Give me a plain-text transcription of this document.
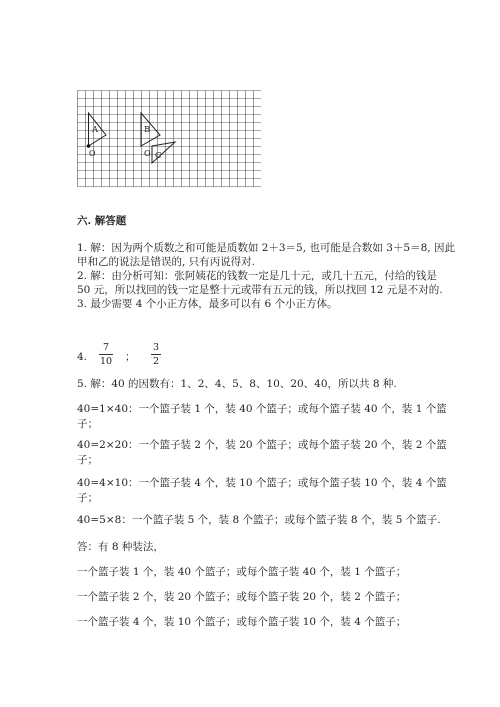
A	B
C
O	O
六. 解答题
1. 解：因为两个质数之和可能是质数如 2＋3＝5, 也可能是合数如 3＋5＝8, 因此
甲和乙的说法是错误的, 只有丙说得对.
2. 解：由分析可知：张阿姨花的钱数一定是几十元，或几十五元，付给的钱是
50 元，所以找回的钱一定是整十元或带有五元的钱，所以找回 12 元是不对的.
3. 最少需要 4 个小正方体，最多可以有 6 个小正方体。
4.
7
10 ；
3
2
5. 解：40 的因数有：1、2、4、5、8、10、20、40，所以共 8 种.
40=1×40：一个篮子装 1 个，装 40 个篮子；或每个篮子装 40 个，装 1 个篮
子；
40=2×20：一个篮子装 2 个，装 20 个篮子；或每个篮子装 20 个，装 2 个篮
子；
40=4×10：一个篮子装 4 个，装 10 个篮子；或每个篮子装 10 个，装 4 个篮
子；
40=5×8：一个篮子装 5 个，装 8 个篮子；或每个篮子装 8 个，装 5 个篮子.
答：有 8 种装法，
一个篮子装 1 个，装 40 个篮子；或每个篮子装 40 个，装 1 个篮子；
一个篮子装 2 个，装 20 个篮子；或每个篮子装 20 个，装 2 个篮子；
一个篮子装 4 个，装 10 个篮子；或每个篮子装 10 个，装 4 个篮子；
